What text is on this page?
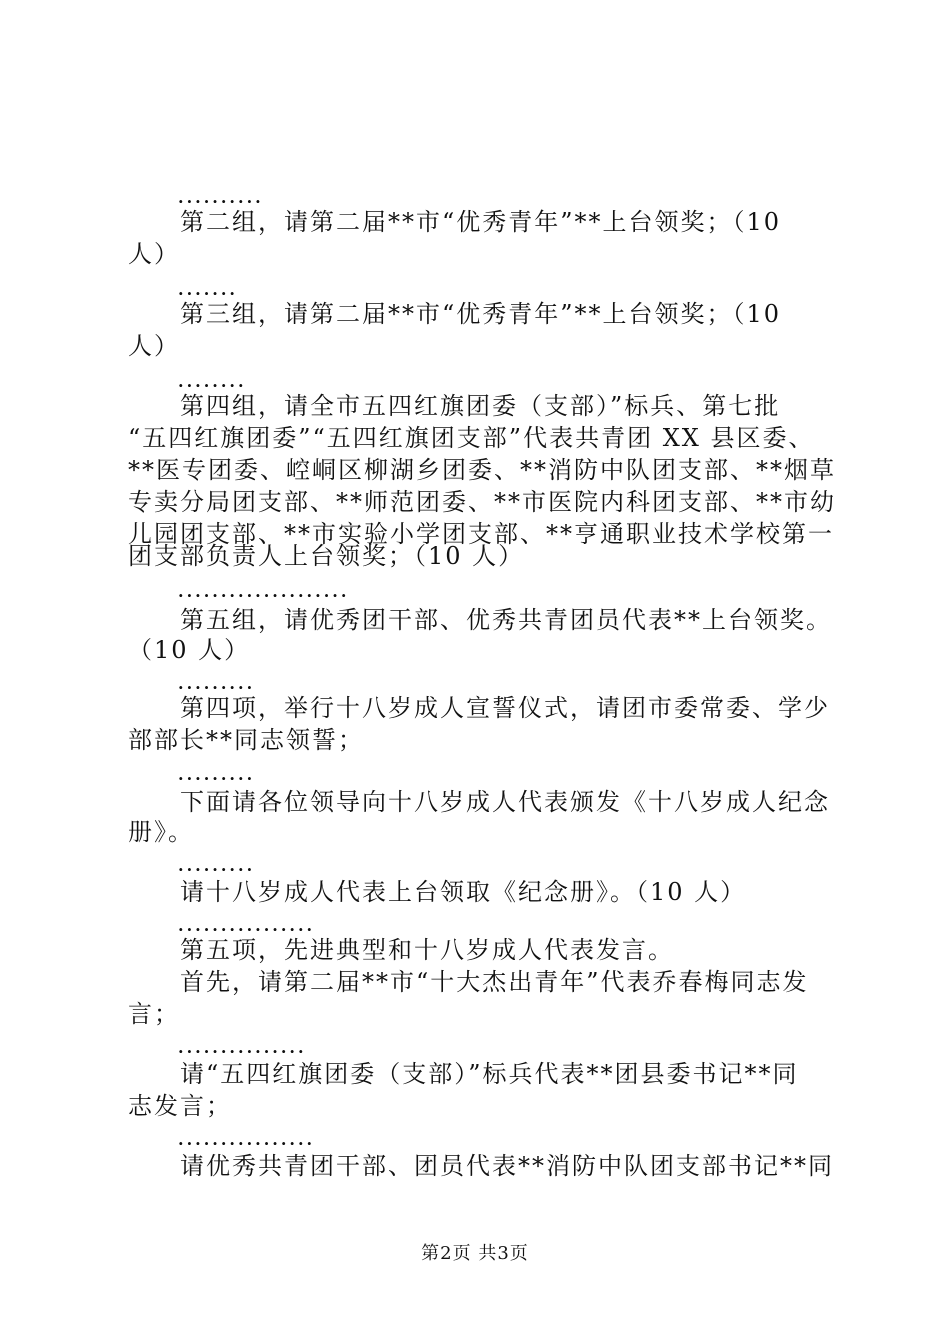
..........
第二组，请第二届**市“优秀青年”**上台领奖；（10
人）
.......
第三组，请第二届**市“优秀青年”**上台领奖；（10
人）
........
第四组，请全市五四红旗团委（支部）”标兵、第七批
“五四红旗团委”“五四红旗团支部”代表共青团 XX 县区委、
**医专团委、崆峒区柳湖乡团委、**消防中队团支部、**烟草
专卖分局团支部、**师范团委、**市医院内科团支部、**市幼
儿园团支部、**市实验小学团支部、**亨通职业技术学校第一
团支部负责人上台领奖；（10 人）
....................
第五组，请优秀团干部、优秀共青团员代表**上台领奖。
（10 人）
.........
第四项，举行十八岁成人宣誓仪式，请团市委常委、学少
部部长**同志领誓；
.........
下面请各位领导向十八岁成人代表颁发《十八岁成人纪念
册》。
.........
请十八岁成人代表上台领取《纪念册》。（10 人）
................
第五项，先进典型和十八岁成人代表发言。
首先，请第二届**市“十大杰出青年”代表乔春梅同志发
言；
...............
请“五四红旗团委（支部）”标兵代表**团县委书记**同
志发言；
................
请优秀共青团干部、团员代表**消防中队团支部书记**同
第2页 共3页
